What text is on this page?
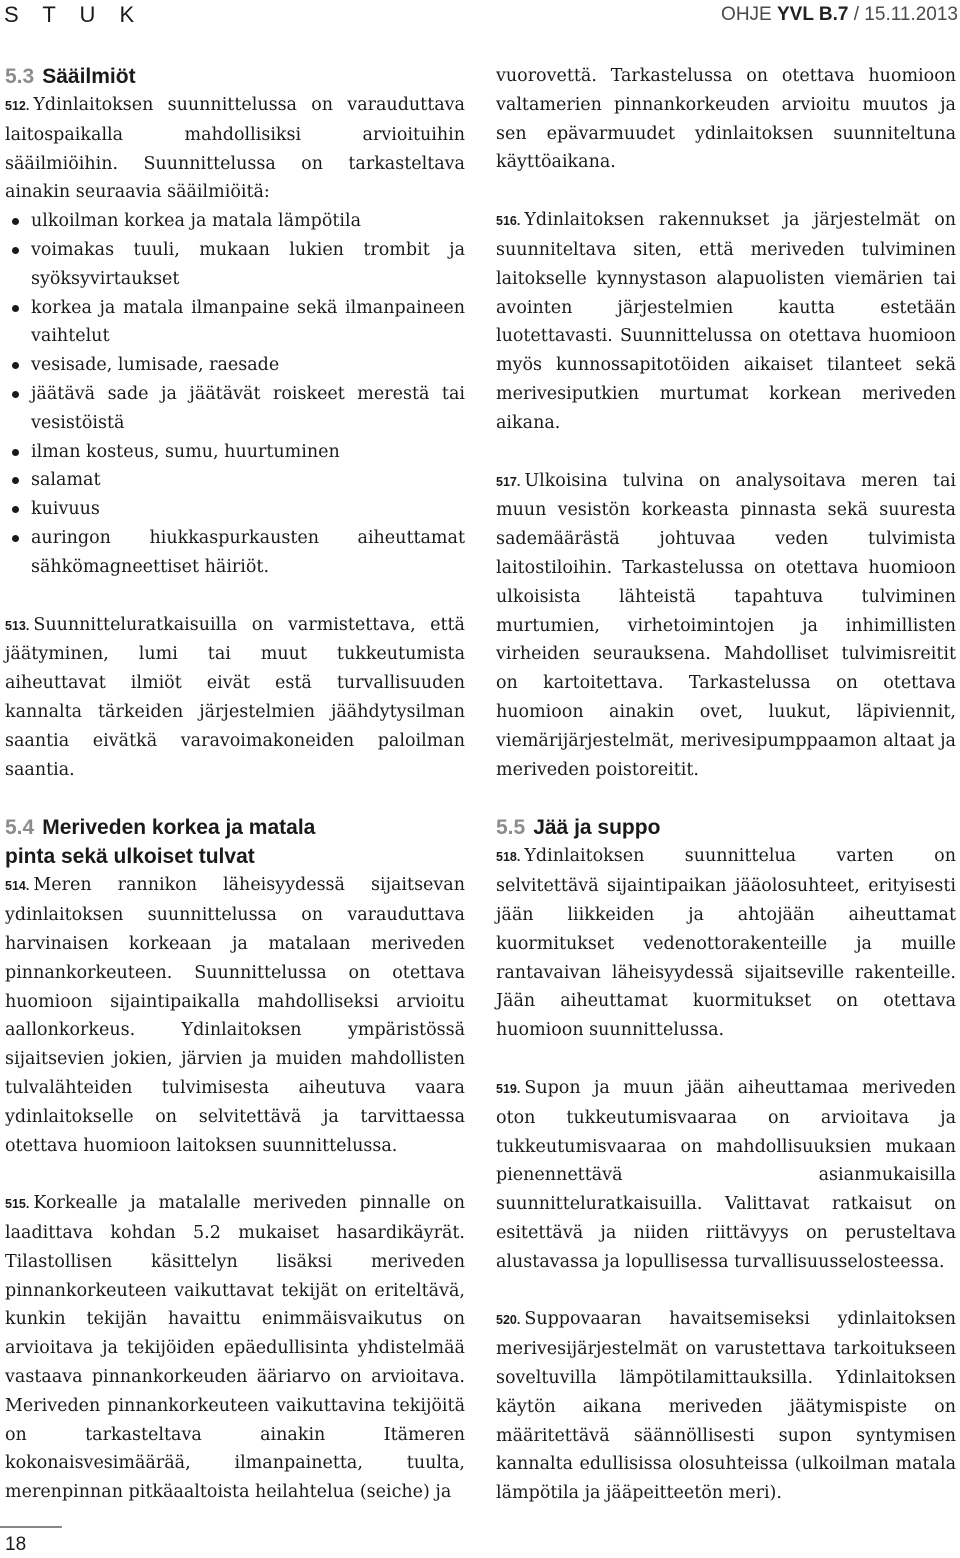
S T U K	OHJE YVL B.7 / 15.11.2013
5.3 Sääilmiöt

512. Ydinlaitoksen suunnittelussa on varauduttava laitospaikalla mahdollisiksi arvioituihin sääilmiöihin. Suunnittelussa on tarkasteltava ainakin seuraavia sääilmiöitä:

ulkoilman korkea ja matala lämpötila
voimakas tuuli, mukaan lukien trombit ja syöksyvirtaukset
korkea ja matala ilmanpaine sekä ilmanpaineen vaihtelut
vesisade, lumisade, raesade
jäätävä sade ja jäätävät roiskeet merestä tai vesistöistä
ilman kosteus, sumu, huurtuminen
salamat
kuivuus
auringon hiukkaspurkausten aiheuttamat sähkömagneettiset häiriöt.

513. Suunnitteluratkaisuilla on varmistettava, että jäätyminen, lumi tai muut tukkeutumista aiheuttavat ilmiöt eivät estä turvallisuuden kannalta tärkeiden järjestelmien jäähdytysilman saantia eivätkä varavoimakoneiden paloilman saantia.

5.4 Meriveden korkea ja matala
pinta sekä ulkoiset tulvat

514. Meren rannikon läheisyydessä sijaitsevan ydinlaitoksen suunnittelussa on varauduttava harvinaisen korkeaan ja matalaan meriveden pinnankorkeuteen. Suunnittelussa on otettava huomioon sijaintipaikalla mahdolliseksi arvioitu aallonkorkeus. Ydinlaitoksen ympäristössä sijaitsevien jokien, järvien ja muiden mahdollisten tulvalähteiden tulvimisesta aiheutuva vaara ydinlaitokselle on selvitettävä ja tarvittaessa otettava huomioon laitoksen suunnittelussa.

515. Korkealle ja matalalle meriveden pinnalle on laadittava kohdan 5.2 mukaiset hasardikäyrät. Tilastollisen käsittelyn lisäksi meriveden pinnankorkeuteen vaikuttavat tekijät on eriteltävä, kunkin tekijän havaittu enimmäisvaikutus on arvioitava ja tekijöiden epäedullisinta yhdistelmää vastaava pinnankorkeuden ääriarvo on arvioitava. Meriveden pinnankorkeuteen vaikuttavina tekijöitä on tarkasteltava ainakin Itämeren kokonaisvesimäärää, ilmanpainetta, tuulta, merenpinnan pitkäaaltoista heilahtelua (seiche) ja

vuorovettä. Tarkastelussa on otettava huomioon valtamerien pinnankorkeuden arvioitu muutos ja sen epävarmuudet ydinlaitoksen suunniteltuna käyttöaikana.

516. Ydinlaitoksen rakennukset ja järjestelmät on suunniteltava siten, että meriveden tulviminen laitokselle kynnystason alapuolisten viemärien tai avointen järjestelmien kautta estetään luotettavasti. Suunnittelussa on otettava huomioon myös kunnossapitotöiden aikaiset tilanteet sekä merivesiputkien murtumat korkean meriveden aikana.

517. Ulkoisina tulvina on analysoitava meren tai muun vesistön korkeasta pinnasta sekä suuresta sademäärästä johtuvaa veden tulvimista laitostiloihin. Tarkastelussa on otettava huomioon ulkoisista lähteistä tapahtuva tulviminen murtumien, virhetoimintojen ja inhimillisten virheiden seurauksena. Mahdolliset tulvimisreitit on kartoitettava. Tarkastelussa on otettava huomioon ainakin ovet, luukut, läpiviennit, viemärijärjestelmät, merivesipumppaamon altaat ja meriveden poistoreitit.

5.5 Jää ja suppo

518. Ydinlaitoksen suunnittelua varten on selvitettävä sijaintipaikan jääolosuhteet, erityisesti jään liikkeiden ja ahtojään aiheuttamat kuormitukset vedenottorakenteille ja muille rantavaivan läheisyydessä sijaitseville rakenteille. Jään aiheuttamat kuormitukset on otettava huomioon suunnittelussa.

519. Supon ja muun jään aiheuttamaa meriveden oton tukkeutumisvaaraa on arvioitava ja tukkeutumisvaaraa on mahdollisuuksien mukaan pienennettävä asianmukaisilla suunnitteluratkaisuilla. Valittavat ratkaisut on esitettävä ja niiden riittävyys on perusteltava alustavassa ja lopullisessa turvallisuusselosteessa.

520. Suppovaaran havaitsemiseksi ydinlaitoksen merivesijärjestelmät on varustettava tarkoitukseen soveltuvilla lämpötilamittauksilla. Ydinlaitoksen käytön aikana meriveden jäätymispiste on määritettävä säännöllisesti supon syntymisen kannalta edullisissa olosuhteissa (ulkoilman matala lämpötila ja jääpeitteetön meri).

18
